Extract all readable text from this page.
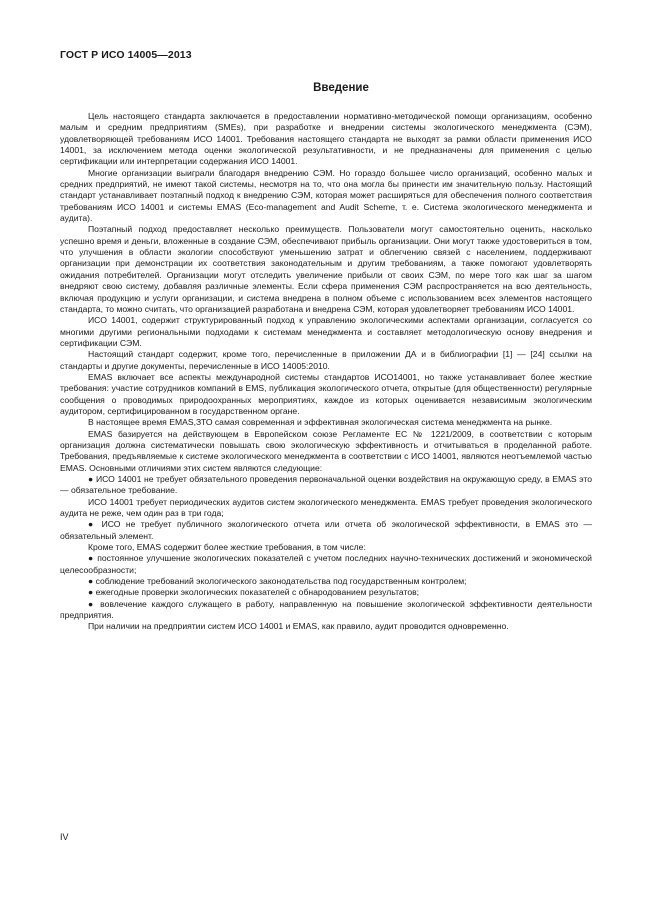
ГОСТ Р ИСО 14005—2013
Введение

Цель настоящего стандарта заключается в предоставлении нормативно-методической помощи организациям, особенно малым и средним предприятиям (SMEs), при разработке и внедрении системы экологического менеджмента (СЭМ), удовлетворяющей требованиям ИСО 14001. Требования настоящего стандарта не выходят за рамки области применения ИСО 14001, за исключением метода оценки экологической результативности, и не предназначены для применения с целью сертификации или интерпретации содержания ИСО 14001.

Многие организации выиграли благодаря внедрению СЭМ. Но гораздо большее число организаций, особенно малых и средних предприятий, не имеют такой системы, несмотря на то, что она могла бы принести им значительную пользу. Настоящий стандарт устанавливает поэтапный подход к внедрению СЭМ, которая может расширяться для обеспечения полного соответствия требованиям ИСО 14001 и системы EMAS (Eco-management and Audit Scheme, т. е. Система экологического менеджмента и аудита).

Поэтапный подход предоставляет несколько преимуществ. Пользователи могут самостоятельно оценить, насколько успешно время и деньги, вложенные в создание СЭМ, обеспечивают прибыль организации. Они могут также удостовериться в том, что улучшения в области экологии способствуют уменьшению затрат и облегчению связей с населением, поддерживают организации при демонстрации их соответствия законодательным и другим требованиям, а также помогают удовлетворять ожидания потребителей. Организации могут отследить увеличение прибыли от своих СЭМ, по мере того как шаг за шагом внедряют свою систему, добавляя различные элементы. Если сфера применения СЭМ распространяется на всю деятельность, включая продукцию и услуги организации, и система внедрена в полном объеме с использованием всех элементов настоящего стандарта, то можно считать, что организацией разработана и внедрена СЭМ, которая удовлетворяет требованиям ИСО 14001.

ИСО 14001, содержит структурированный подход к управлению экологическими аспектами организации, согласуется со многими другими региональными подходами к системам менеджмента и составляет методологическую основу внедрения и сертификации СЭМ.

Настоящий стандарт содержит, кроме того, перечисленные в приложении ДА и в библиографии [1] — [24] ссылки на стандарты и другие документы, перечисленные в ИСО 14005:2010.

EMAS включает все аспекты международной системы стандартов ИСО14001, но также устанавливает более жесткие требования: участие сотрудников компаний в EMS, публикация экологического отчета, открытые (для общественности) регулярные сообщения о проводимых природоохранных мероприятиях, каждое из которых оценивается независимым экологическим аудитором, сертифицированном в государственном органе.

В настоящее время EMAS,ЗТО самая современная и эффективная экологическая система менеджмента на рынке.

EMAS базируется на действующем в Европейском союзе Регламенте ЕС № 1221/2009, в соответствии с которым организация должна систематически повышать свою экологическую эффективность и отчитываться в проделанной работе. Требования, предъявляемые к системе экологического менеджмента в соответствии с ИСО 14001, являются неотъемлемой частью EMAS. Основными отличиями этих систем являются следующие:

● ИСО 14001 не требует обязательного проведения первоначальной оценки воздействия на окружающую среду, в EMAS это — обязательное требование.

ИСО 14001 требует периодических аудитов систем экологического менеджмента. EMAS требует проведения экологического аудита не реже, чем один раз в три года;

● ИСО не требует публичного экологического отчета или отчета об экологической эффективности, в EMAS это — обязательный элемент.

Кроме того, EMAS содержит более жесткие требования, в том числе:

● постоянное улучшение экологических показателей с учетом последних научно-технических достижений и экономической целесообразности;

● соблюдение требований экологического законодательства под государственным контролем;

● ежегодные проверки экологических показателей с обнародованием результатов;

● вовлечение каждого служащего в работу, направленную на повышение экологической эффективности деятельности предприятия.

При наличии на предприятии систем ИСО 14001 и EMAS, как правило, аудит проводится одновременно.

IV
